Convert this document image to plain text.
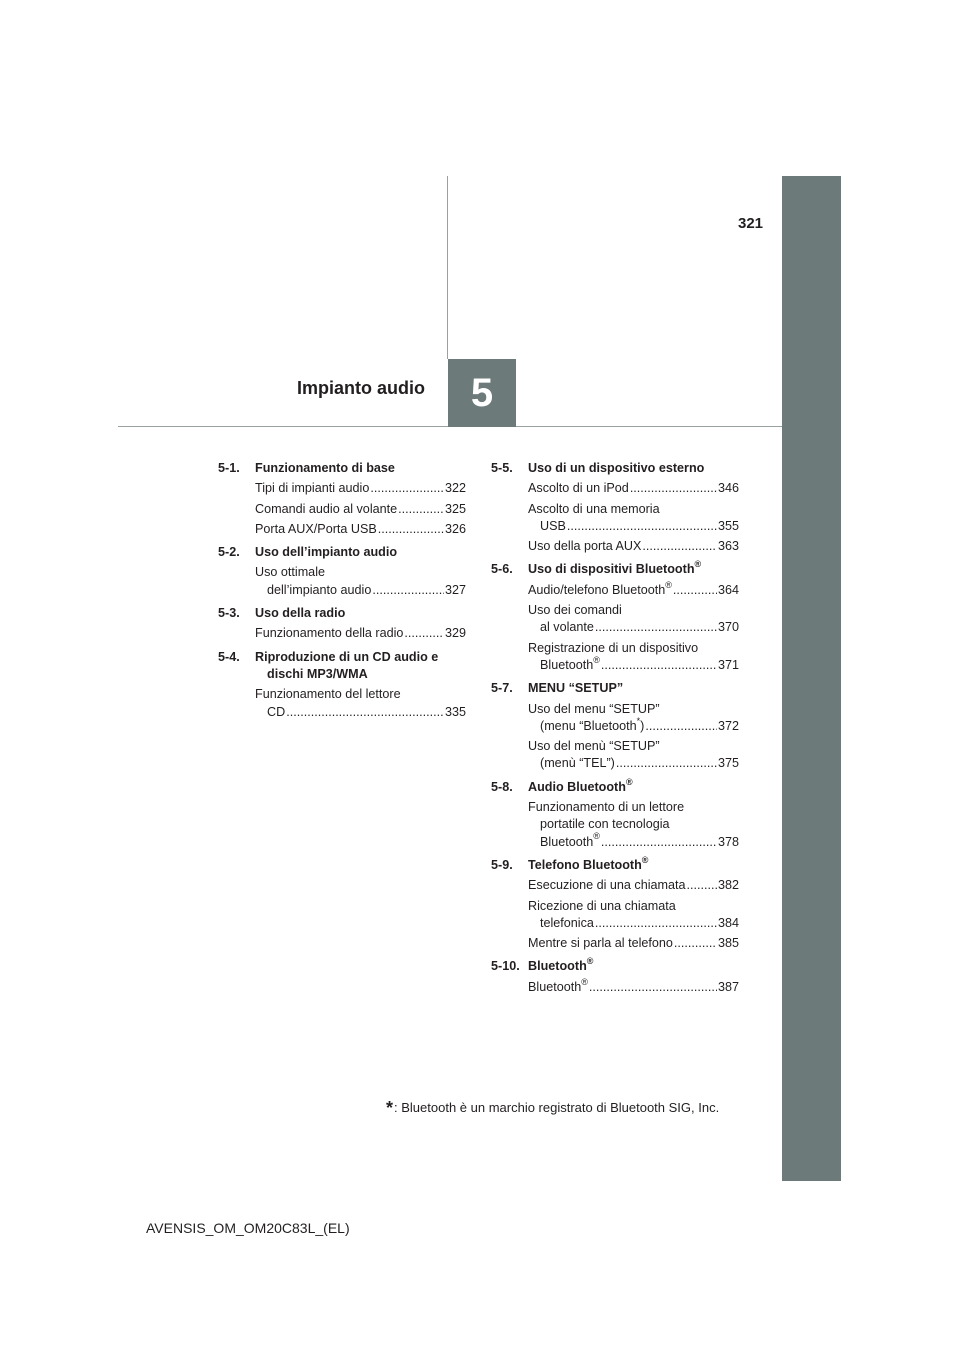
321
Impianto audio	5
5-1.	Funzionamento di base
Tipi di impianti audio .....	322
Comandi audio al volante .....	325
Porta AUX/Porta USB .....	326
5-2.	Uso dell’impianto audio
Uso ottimale
dell’impianto audio .....	327
5-3.	Uso della radio
Funzionamento della radio .....	329
5-4.	Riproduzione di un CD audio e
dischi MP3/WMA
Funzionamento del lettore
CD .....	335
5-5.	Uso di un dispositivo esterno
Ascolto di un iPod .....	346
Ascolto di una memoria
USB .....	355
Uso della porta AUX .....	363
5-6.	Uso di dispositivi Bluetooth®
Audio/telefono Bluetooth® .....	364
Uso dei comandi
al volante .....	370
Registrazione di un dispositivo
Bluetooth® .....	371
5-7.	MENU “SETUP”
Uso del menu “SETUP”
(menu “Bluetooth*) .....	372
Uso del menù “SETUP”
(menù “TEL”) .....	375
5-8.	Audio Bluetooth®
Funzionamento di un lettore
portatile con tecnologia
Bluetooth® .....	378
5-9.	Telefono Bluetooth®
Esecuzione di una chiamata .....	382
Ricezione di una chiamata
telefonica .....	384
Mentre si parla al telefono .....	385
5-10. Bluetooth®
Bluetooth® .....	387
*: Bluetooth è un marchio registrato di Bluetooth SIG, Inc.
AVENSIS_OM_OM20C83L_(EL)
